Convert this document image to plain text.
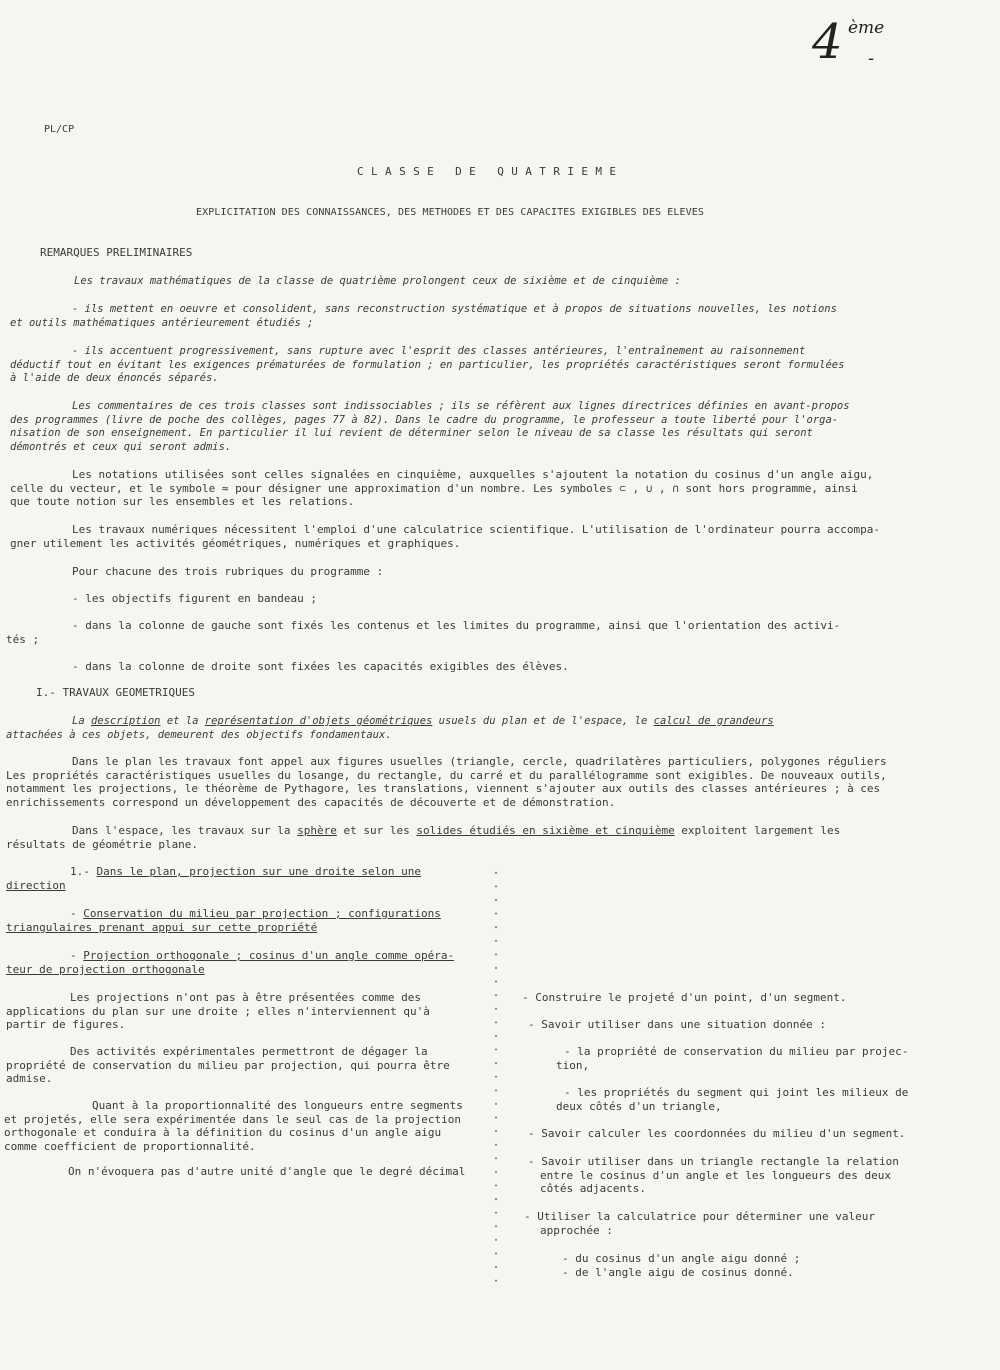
4 ème
-
PL/CP
CLASSE DE QUATRIEME
EXPLICITATION DES CONNAISSANCES, DES METHODES ET DES CAPACITES EXIGIBLES DES ELEVES
REMARQUES PRELIMINAIRES
Les travaux mathématiques de la classe de quatrième prolongent ceux de sixième et de cinquième :
- ils mettent en oeuvre et consolident, sans reconstruction systématique et à propos de situations nouvelles, les notions
et outils mathématiques antérieurement étudiés ;
- ils accentuent progressivement, sans rupture avec l'esprit des classes antérieures, l'entraînement au raisonnement
déductif tout en évitant les exigences prématurées de formulation ; en particulier, les propriétés caractéristiques seront formulées
à l'aide de deux énoncés séparés.
Les commentaires de ces trois classes sont indissociables ; ils se réfèrent aux lignes directrices définies en avant-propos
des programmes (livre de poche des collèges, pages 77 à 82). Dans le cadre du programme, le professeur a toute liberté pour l'orga-
nisation de son enseignement. En particulier il lui revient de déterminer selon le niveau de sa classe les résultats qui seront
démontrés et ceux qui seront admis.
Les notations utilisées sont celles signalées en cinquième, auxquelles s'ajoutent la notation du cosinus d'un angle aigu,
celle du vecteur, et le symbole ≈ pour désigner une approximation d'un nombre. Les symboles ⊂ , ∪ , ∩ sont hors programme, ainsi
que toute notion sur les ensembles et les relations.
Les travaux numériques nécessitent l'emploi d'une calculatrice scientifique. L'utilisation de l'ordinateur pourra accompa-
gner utilement les activités géométriques, numériques et graphiques.
Pour chacune des trois rubriques du programme :
- les objectifs figurent en bandeau ;
- dans la colonne de gauche sont fixés les contenus et les limites du programme, ainsi que l'orientation des activi-
tés ;
- dans la colonne de droite sont fixées les capacités exigibles des élèves.
I.- TRAVAUX GEOMETRIQUES
La description et la représentation d'objets géométriques usuels du plan et de l'espace, le calcul de grandeurs
attachées à ces objets, demeurent des objectifs fondamentaux.
Dans le plan les travaux font appel aux figures usuelles (triangle, cercle, quadrilatères particuliers, polygones réguliers
Les propriétés caractéristiques usuelles du losange, du rectangle, du carré et du parallélogramme sont exigibles. De nouveaux outils,
notamment les projections, le théorème de Pythagore, les translations, viennent s'ajouter aux outils des classes antérieures ; à ces
enrichissements correspond un développement des capacités de découverte et de démonstration.
Dans l'espace, les travaux sur la sphère et sur les solides étudiés en sixième et cinquième exploitent largement les
résultats de géométrie plane.
1.- Dans le plan, projection sur une droite selon une
direction
- Conservation du milieu par projection ; configurations
triangulaires prenant appui sur cette propriété
- Projection orthogonale ; cosinus d'un angle comme opéra-
teur de projection orthogonale
Les projections n'ont pas à être présentées comme des
applications du plan sur une droite ; elles n'interviennent qu'à
partir de figures.
Des activités expérimentales permettront de dégager la
propriété de conservation du milieu par projection, qui pourra être
admise.
Quant à la proportionnalité des longueurs entre segments
et projetés, elle sera expérimentée dans le seul cas de la projection
orthogonale et conduira à la définition du cosinus d'un angle aigu
comme coefficient de proportionnalité.
On n'évoquera pas d'autre unité d'angle que le degré décimal
- Construire le projeté d'un point, d'un segment.
- Savoir utiliser dans une situation donnée :
- la propriété de conservation du milieu par projec-
tion,
- les propriétés du segment qui joint les milieux de
deux côtés d'un triangle,
- Savoir calculer les coordonnées du milieu d'un segment.
- Savoir utiliser dans un triangle rectangle la relation
entre le cosinus d'un angle et les longueurs des deux
côtés adjacents.
- Utiliser la calculatrice pour déterminer une valeur
approchée :
- du cosinus d'un angle aigu donné ;
- de l'angle aigu de cosinus donné.
